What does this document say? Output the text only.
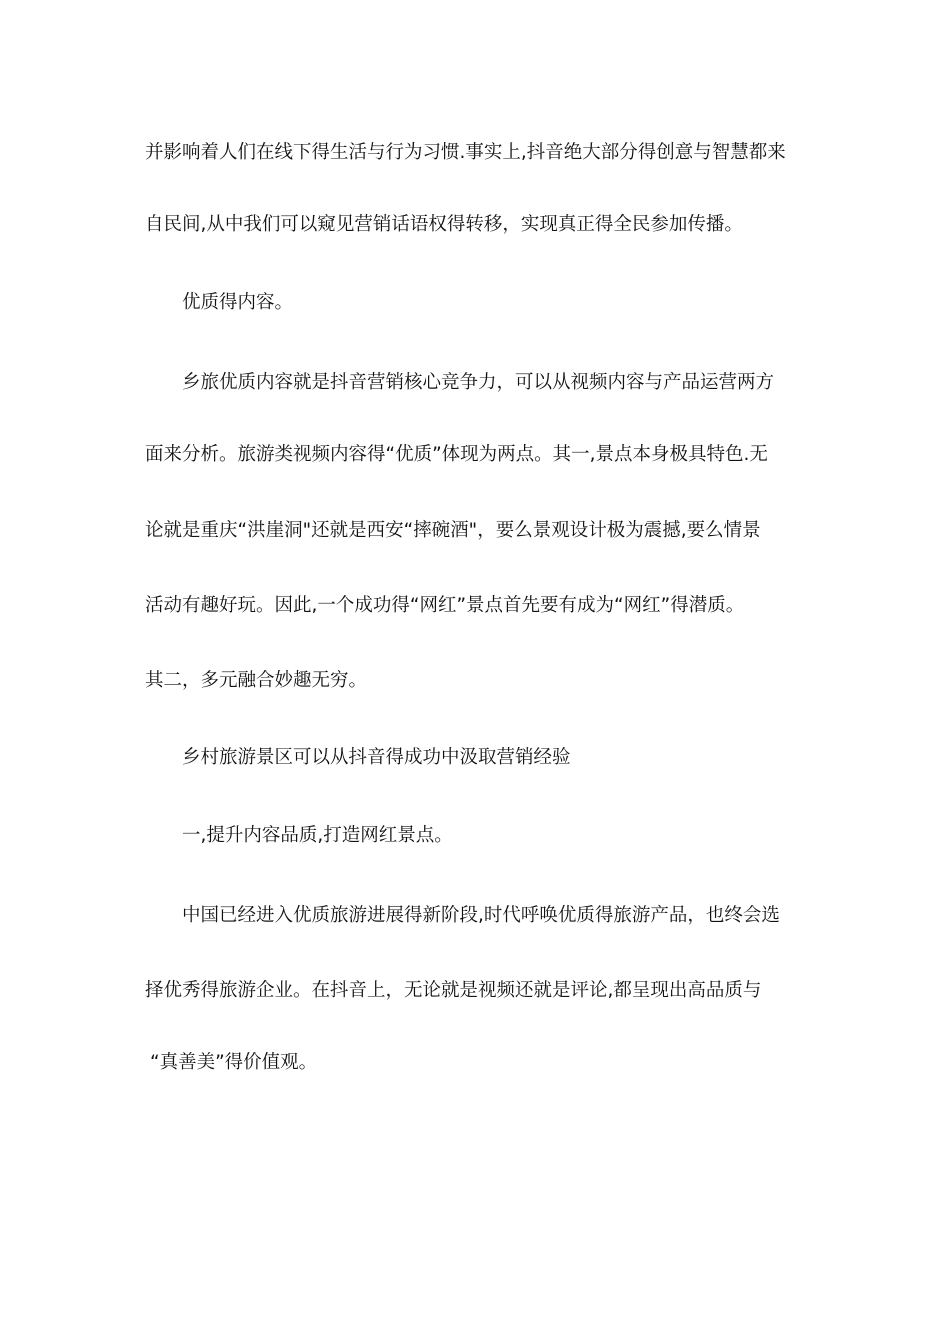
并影响着人们在线下得生活与行为习惯.事实上,抖音绝大部分得创意与智慧都来
自民间,从中我们可以窥见营销话语权得转移，实现真正得全民参加传播。
优质得内容。
乡旅优质内容就是抖音营销核心竞争力，可以从视频内容与产品运营两方
面来分析。旅游类视频内容得“优质”体现为两点。其一,景点本身极具特色.无
论就是重庆“洪崖洞"还就是西安“摔碗酒"，要么景观设计极为震撼,要么情景
活动有趣好玩。因此,一个成功得“网红”景点首先要有成为“网红”得潜质。
其二，多元融合妙趣无穷。
乡村旅游景区可以从抖音得成功中汲取营销经验
一,提升内容品质,打造网红景点。
中国已经进入优质旅游进展得新阶段,时代呼唤优质得旅游产品，也终会选
择优秀得旅游企业。在抖音上，无论就是视频还就是评论,都呈现出高品质与
“真善美”得价值观。
